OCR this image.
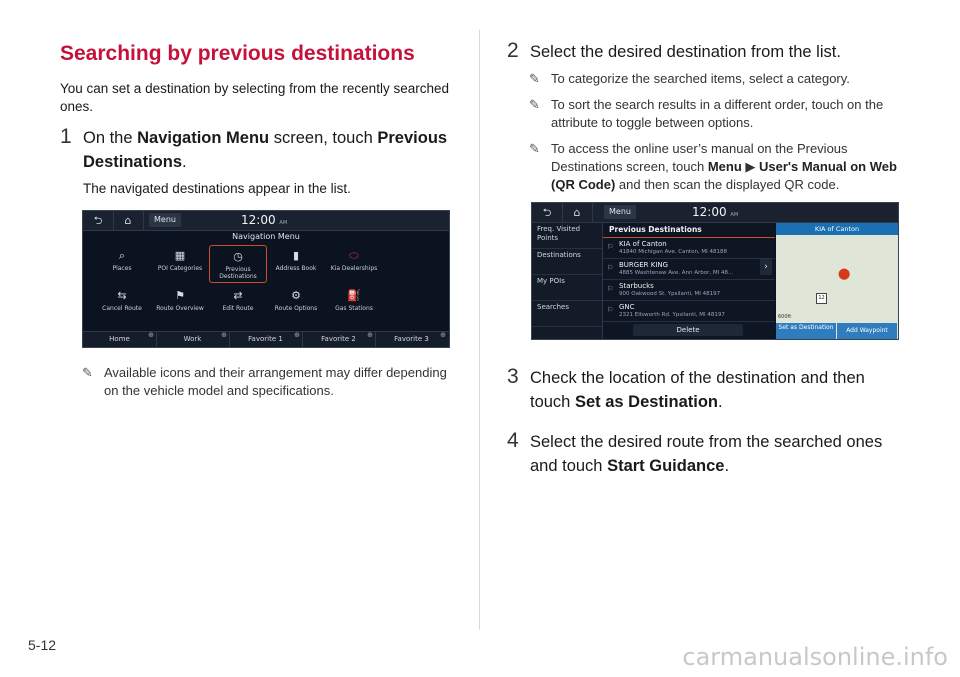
Searching by previous destinations
You can set a destination by selecting from the recently searched ones.
1 On the Navigation Menu screen, touch Previous Destinations.
The navigated destinations appear in the list.
⮌	⌂	Menu	12:00 AM
Navigation Menu
⌕
Places
▦
POI Categories
◷
Previous Destinations
▮
Address Book
⬭
Kia Dealerships
⇆
Cancel Route
⚑
Route Overview
⇄
Edit Route
⚙
Route Options
⛽
Gas Stations
Home	⊕	Work	⊕	Favorite 1 ⊕	Favorite 2 ⊕	Favorite 3 ⊕
✎ Available icons and their arrangement may differ depending on the vehicle model and specifications.
2 Select the desired destination from the list.
✎ To categorize the searched items, select a category.
✎ To sort the search results in a different order, touch on the attribute to toggle between options.
✎ To access the online user’s manual on the Previous Destinations screen, touch Menu ▶ User's Manual on Web (QR Code) and then scan the displayed QR code.
⮌	⌂	Menu	12:00 AM
Freq. Visited Points
Destinations
My POIs
Searches
Previous Destinations
⚐ KIA of Canton
41840 Michigan Ave. Canton, MI 48188
⚐ BURGER KING
4885 Washtenaw Ave. Ann Arbor, MI 48...
⚐ Starbucks
900 Oakwood St. Ypsilanti, MI 48197
⚐ GNC
2321 Ellsworth Rd. Ypsilanti, MI 48197
Delete
›
KIA of Canton
⬤
12
600ft
Set as Destination	Add Waypoint
3 Check the location of the destination and then touch Set as Destination.
4 Select the desired route from the searched ones and touch Start Guidance.
5-12	carmanualsonline.info
